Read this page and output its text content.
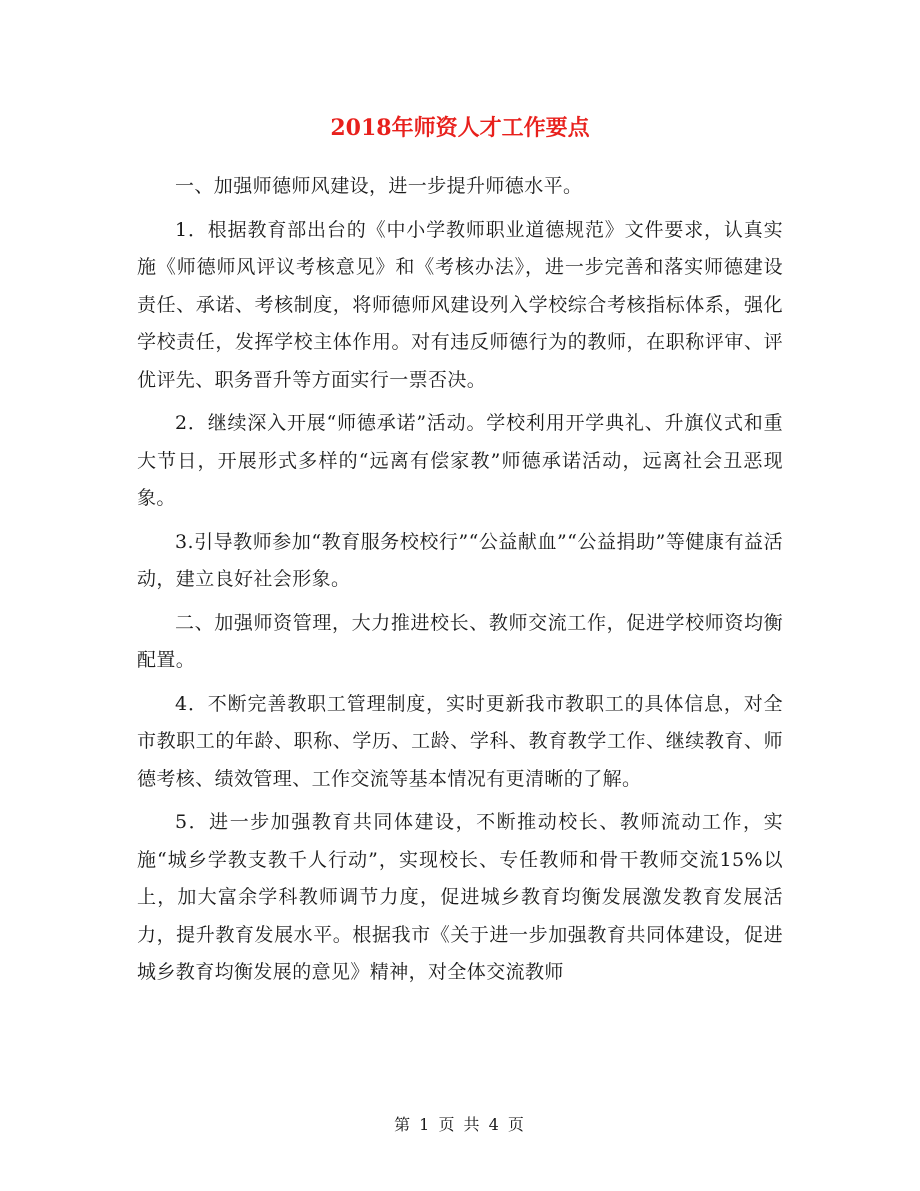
2018年师资人才工作要点

一、加强师德师风建设，进一步提升师德水平。

1．根据教育部出台的《中小学教师职业道德规范》文件要求，认真实施《师德师风评议考核意见》和《考核办法》，进一步完善和落实师德建设责任、承诺、考核制度，将师德师风建设列入学校综合考核指标体系，强化学校责任，发挥学校主体作用。对有违反师德行为的教师，在职称评审、评优评先、职务晋升等方面实行一票否决。

2．继续深入开展“师德承诺”活动。学校利用开学典礼、升旗仪式和重大节日，开展形式多样的“远离有偿家教”师德承诺活动，远离社会丑恶现象。

3.引导教师参加“教育服务校校行”“公益献血”“公益捐助”等健康有益活动，建立良好社会形象。

二、加强师资管理，大力推进校长、教师交流工作，促进学校师资均衡配置。

4．不断完善教职工管理制度，实时更新我市教职工的具体信息，对全市教职工的年龄、职称、学历、工龄、学科、教育教学工作、继续教育、师德考核、绩效管理、工作交流等基本情况有更清晰的了解。

5．进一步加强教育共同体建设，不断推动校长、教师流动工作，实施“城乡学教支教千人行动”，实现校长、专任教师和骨干教师交流15%以上，加大富余学科教师调节力度，促进城乡教育均衡发展激发教育发展活力，提升教育发展水平。根据我市《关于进一步加强教育共同体建设，促进城乡教育均衡发展的意见》精神，对全体交流教师

第 1 页 共 4 页
